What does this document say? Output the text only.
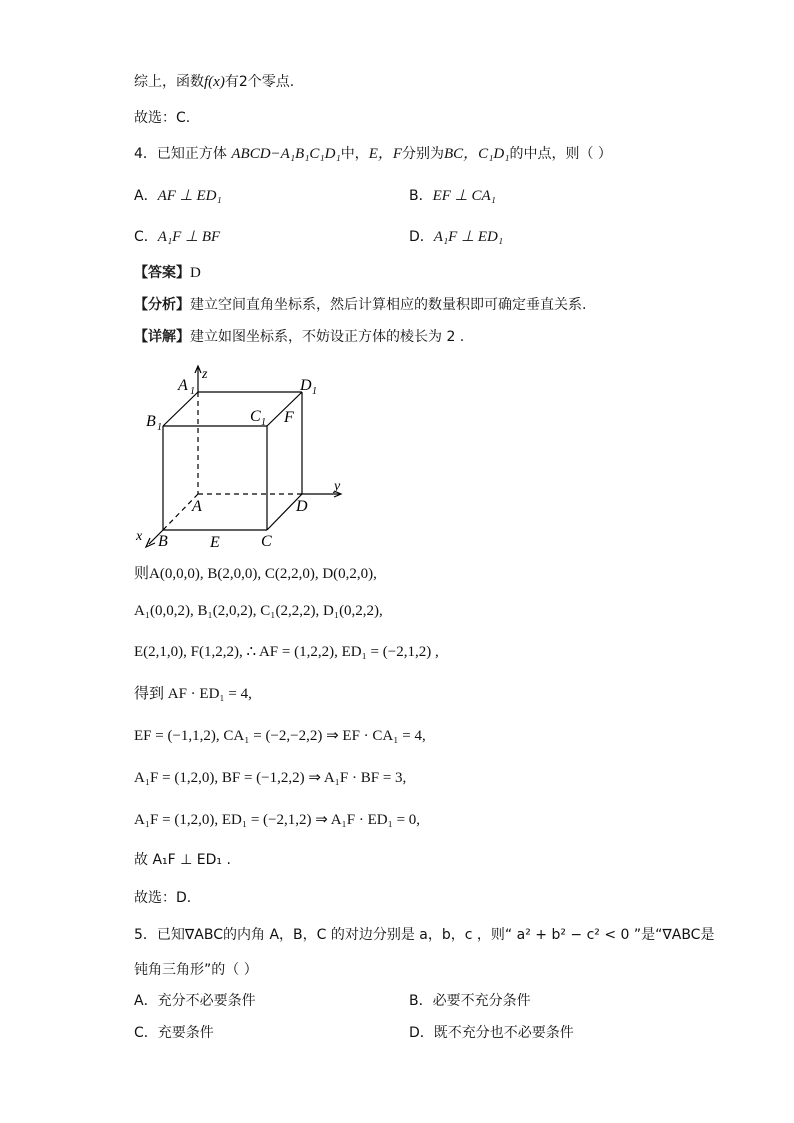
综上，函数f(x)有2个零点.
故选：C.
4．已知正方体 ABCD−A₁B₁C₁D₁中，E，F分别为BC，C₁D₁的中点，则（ ）
A．AF ⊥ ED₁	B．EF ⊥ CA₁
C．A₁F ⊥ BF	D．A₁F ⊥ ED₁
【答案】D
【分析】建立空间直角坐标系，然后计算相应的数量积即可确定垂直关系.
【详解】建立如图坐标系，不妨设正方体的棱长为 2 .
A 1
z
D 1
B 1
C 1 F
y
A	D
x B	E	C
则A(0,0,0), B(2,0,0), C(2,2,0), D(0,2,0),
A₁(0,0,2), B₁(2,0,2), C₁(2,2,2), D₁(0,2,2),
E(2,1,0), F(1,2,2), ∴ AF = (1,2,2), ED₁ = (−2,1,2) ,
得到 AF · ED₁ = 4,
EF = (−1,1,2), CA₁ = (−2,−2,2) ⇒ EF · CA₁ = 4,
A₁F = (1,2,0), BF = (−1,2,2) ⇒ A₁F · BF = 3,
A₁F = (1,2,0), ED₁ = (−2,1,2) ⇒ A₁F · ED₁ = 0,
故 A₁F ⊥ ED₁ .
故选：D.
5．已知∇ABC的内角 A，B，C 的对边分别是 a，b，c ，则“ a² + b² − c² < 0 ”是“∇ABC是
钝角三角形”的（ ）
A．充分不必要条件	B．必要不充分条件
C．充要条件	D．既不充分也不必要条件
